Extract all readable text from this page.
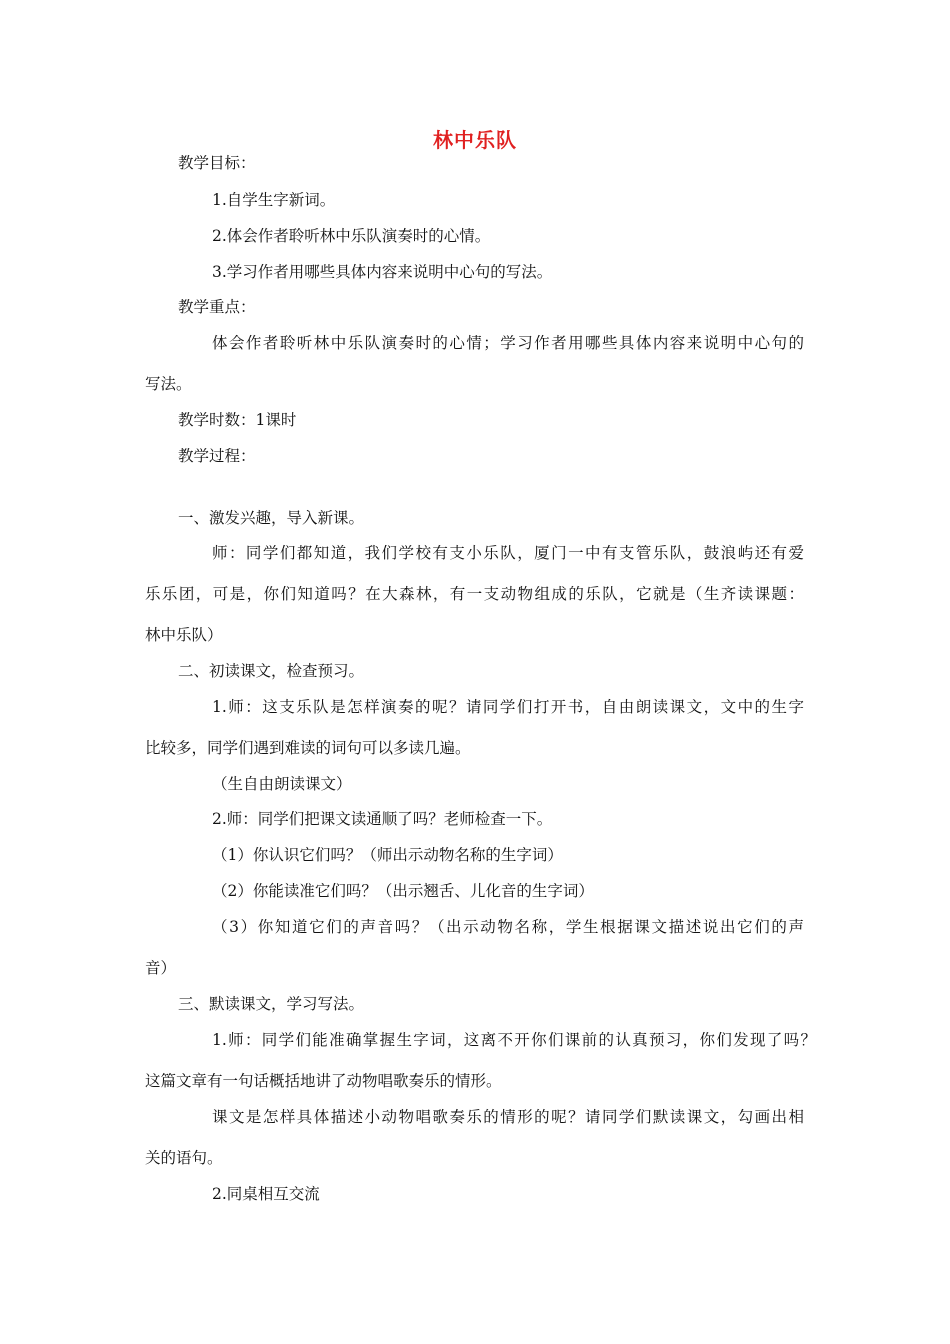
林中乐队
教学目标：
1.自学生字新词。
2.体会作者聆听林中乐队演奏时的心情。
3.学习作者用哪些具体内容来说明中心句的写法。
教学重点：
体会作者聆听林中乐队演奏时的心情；学习作者用哪些具体内容来说明中心句的
写法。
教学时数：1课时
教学过程：
一、激发兴趣，导入新课。
师：同学们都知道，我们学校有支小乐队，厦门一中有支管乐队，鼓浪屿还有爱
乐乐团，可是，你们知道吗？在大森林，有一支动物组成的乐队，它就是（生齐读课题：
林中乐队）
二、初读课文，检查预习。
1.师：这支乐队是怎样演奏的呢？请同学们打开书，自由朗读课文，文中的生字
比较多，同学们遇到难读的词句可以多读几遍。
（生自由朗读课文）
2.师：同学们把课文读通顺了吗？老师检查一下。
（1）你认识它们吗？（师出示动物名称的生字词）
（2）你能读准它们吗？（出示翘舌、儿化音的生字词）
（3）你知道它们的声音吗？（出示动物名称，学生根据课文描述说出它们的声
音）
三、默读课文，学习写法。
1.师：同学们能准确掌握生字词，这离不开你们课前的认真预习，你们发现了吗？
这篇文章有一句话概括地讲了动物唱歌奏乐的情形。
课文是怎样具体描述小动物唱歌奏乐的情形的呢？请同学们默读课文，勾画出相
关的语句。
2.同桌相互交流
